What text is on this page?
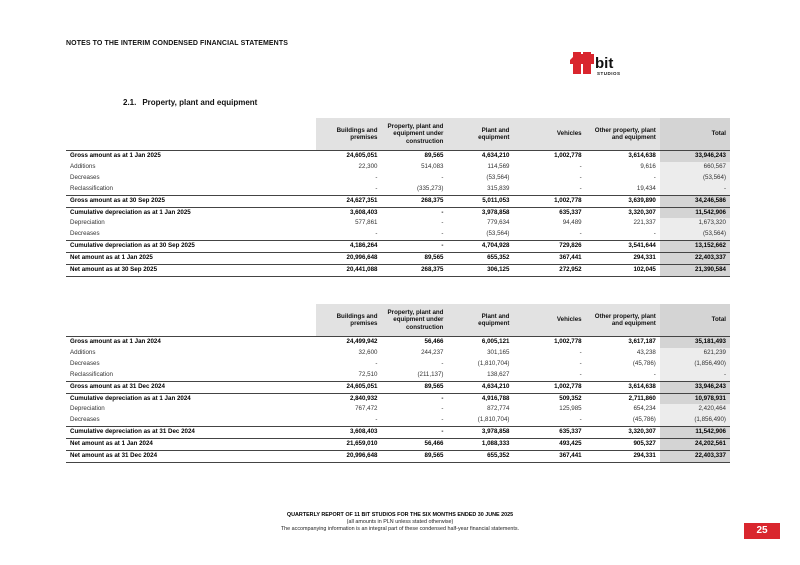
NOTES TO THE INTERIM CONDENSED FINANCIAL STATEMENTS
bit
STUDIOS
2.1. Property, plant and equipment
	Buildings and premises	Property, plant and equipment under construction	Plant and equipment	Vehicles	Other property, plant and equipment	Total
Gross amount as at 1 Jan 2025	24,605,051	89,565	4,634,210	1,002,778	3,614,638	33,946,243
Additions	22,300	514,083	114,569	-	9,616	660,567
Decreases	-	-	(53,564)	-	-	(53,564)
Reclassification	-	(335,273)	315,839	-	19,434	-
Gross amount as at 30 Sep 2025	24,627,351	268,375	5,011,053	1,002,778	3,639,890	34,246,586
Cumulative depreciation as at 1 Jan 2025	3,608,403	-	3,978,858	635,337	3,320,307	11,542,906
Depreciation	577,861	-	779,634	94,489	221,337	1,673,320
Decreases	-	-	(53,564)	-	-	(53,564)
Cumulative depreciation as at 30 Sep 2025	4,186,264	-	4,704,928	729,826	3,541,644	13,152,662
Net amount as at 1 Jan 2025	20,996,648	89,565	655,352	367,441	294,331	22,403,337
Net amount as at 30 Sep 2025	20,441,088	268,375	306,125	272,952	102,045	21,390,584
	Buildings and premises	Property, plant and equipment under construction	Plant and equipment	Vehicles	Other property, plant and equipment	Total
Gross amount as at 1 Jan 2024	24,499,942	56,466	6,005,121	1,002,778	3,617,187	35,181,493
Additions	32,600	244,237	301,165	-	43,238	621,239
Decreases	-	-	(1,810,704)	-	(45,786)	(1,856,490)
Reclassification	72,510	(211,137)	138,627	-	-	-
Gross amount as at 31 Dec 2024	24,605,051	89,565	4,634,210	1,002,778	3,614,638	33,946,243
Cumulative depreciation as at 1 Jan 2024	2,840,932	-	4,916,788	509,352	2,711,860	10,978,931
Depreciation	767,472	-	872,774	125,985	654,234	2,420,464
Decreases	-	-	(1,810,704)	-	(45,786)	(1,856,490)
Cumulative depreciation as at 31 Dec 2024	3,608,403	-	3,978,858	635,337	3,320,307	11,542,906
Net amount as at 1 Jan 2024	21,659,010	56,466	1,088,333	493,425	905,327	24,202,561
Net amount as at 31 Dec 2024	20,996,648	89,565	655,352	367,441	294,331	22,403,337
QUARTERLY REPORT OF 11 BIT STUDIOS FOR THE SIX MONTHS ENDED 30 JUNE 2025
(all amounts in PLN unless stated otherwise)
The accompanying information is an integral part of these condensed half-year financial statements.	25
